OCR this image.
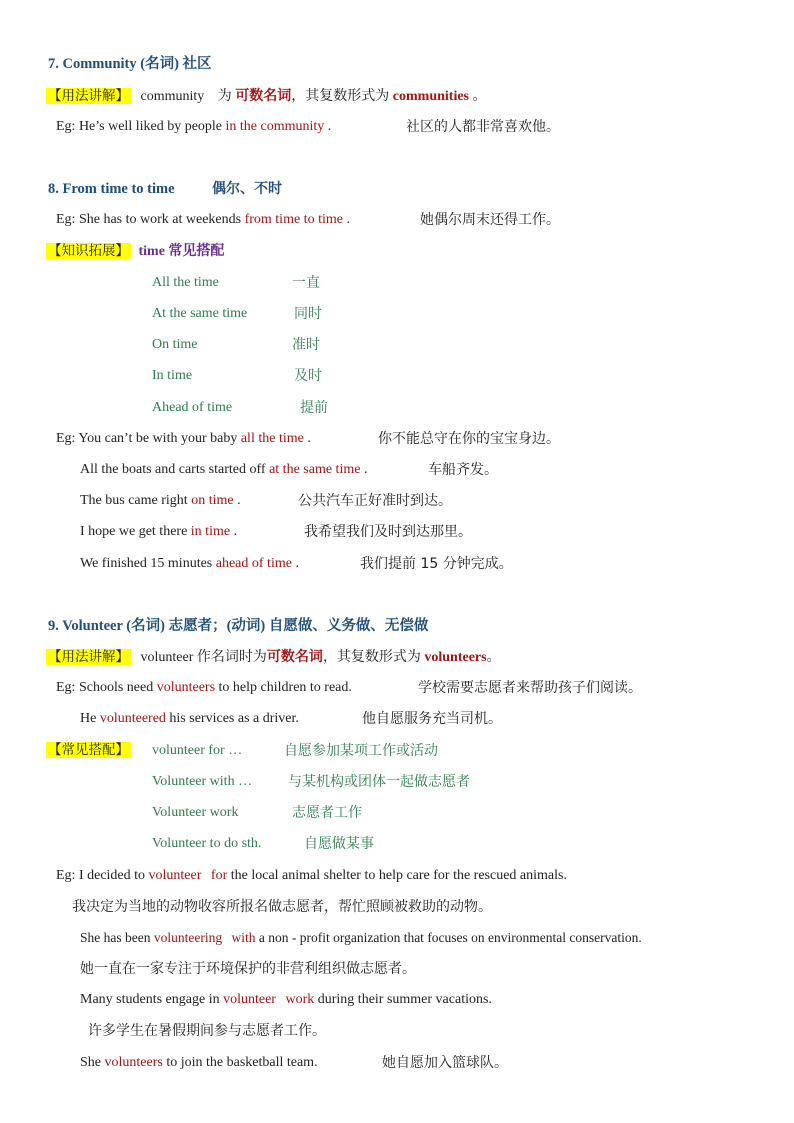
7. Community (名词) 社区
【用法讲解】 community 为 可数名词，其复数形式为 communities 。
Eg: He’s well liked by people in the community .	社区的人都非常喜欢他。
8. From time to time	偶尔、不时
Eg: She has to work at weekends from time to time .	她偶尔周末还得工作。
【知识拓展】 time 常见搭配
All the time	一直
At the same time	同时
On time	准时
In time	及时
Ahead of time	提前
Eg: You can’t be with your baby all the time .	你不能总守在你的宝宝身边。
All the boats and carts started off at the same time .	车船齐发。
The bus came right on time .	公共汽车正好准时到达。
I hope we get there in time .	我希望我们及时到达那里。
We finished 15 minutes ahead of time .	我们提前 15 分钟完成。
9. Volunteer (名词) 志愿者；(动词) 自愿做、义务做、无偿做
【用法讲解】 volunteer 作名词时为可数名词，其复数形式为 volunteers。
Eg: Schools need volunteers to help children to read.	学校需要志愿者来帮助孩子们阅读。
He volunteered his services as a driver.	他自愿服务充当司机。
【常见搭配】 volunteer for …	自愿参加某项工作或活动
Volunteer with …	与某机构或团体一起做志愿者
Volunteer work	志愿者工作
Volunteer to do sth.	自愿做某事
Eg: I decided to volunteer for the local animal shelter to help care for the rescued animals.
我决定为当地的动物收容所报名做志愿者，帮忙照顾被救助的动物。
She has been volunteering with a non - profit organization that focuses on environmental conservation.
她一直在一家专注于环境保护的非营利组织做志愿者。
Many students engage in volunteer work during their summer vacations.
许多学生在暑假期间参与志愿者工作。
She volunteers to join the basketball team.	她自愿加入篮球队。
